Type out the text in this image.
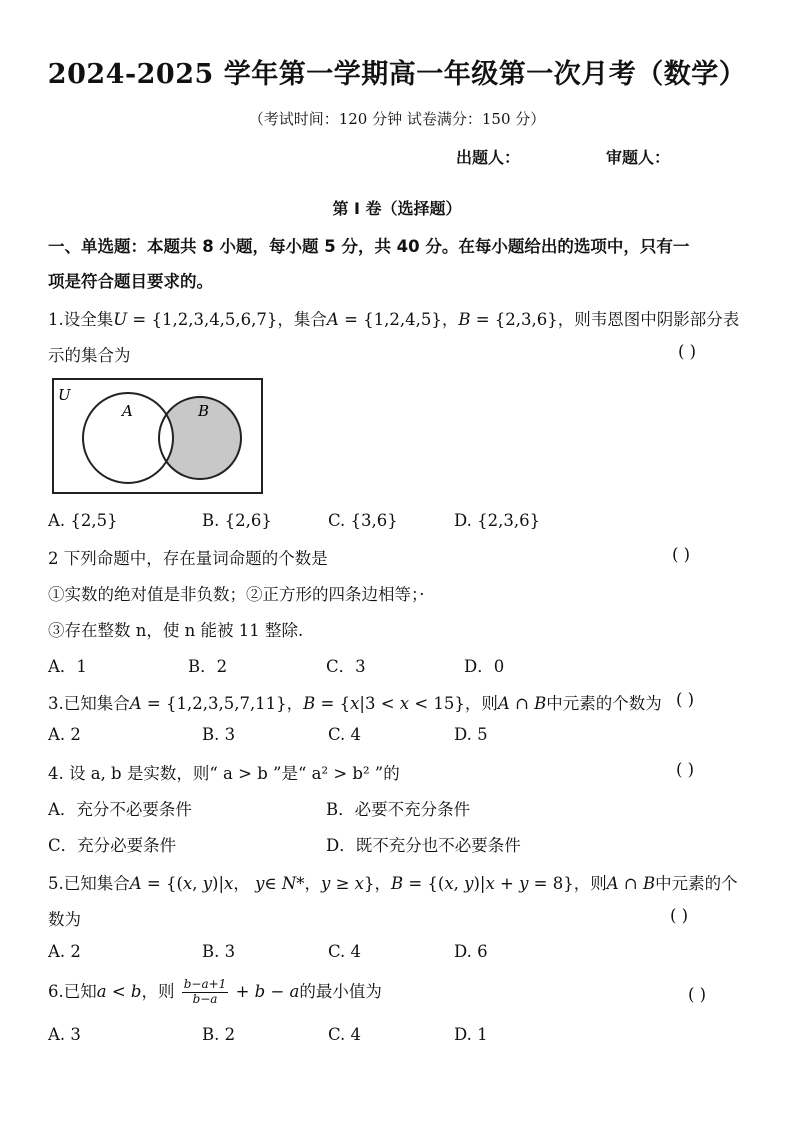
2024-2025 学年第一学期高一年级第一次月考（数学）
（考试时间：120 分钟 试卷满分：150 分）
出题人：	审题人：
第 I 卷（选择题）
一、单选题：本题共 8 小题，每小题 5 分，共 40 分。在每小题给出的选项中，只有一
项是符合题目要求的。
1.设全集𝑈 = {1,2,3,4,5,6,7}，集合𝐴 = {1,2,4,5}，𝐵 = {2,3,6}，则韦恩图中阴影部分表
示的集合为	( )
U
A	B
A. {2,5}	B. {2,6}	C. {3,6}	D. {2,3,6}
2 下列命题中，存在量词命题的个数是	( )
①实数的绝对值是非负数；②正方形的四条边相等；·
③存在整数 n，使 n 能被 11 整除.
A．1	B．2	C．3	D．0
3.已知集合𝐴 = {1,2,3,5,7,11}，𝐵 = {𝑥|3 < 𝑥 < 15}，则𝐴 ∩ 𝐵中元素的个数为 ( )
A. 2	B. 3	C. 4	D. 5
4. 设 a, b 是实数，则“ a > b ”是“ a² > b² ”的	( )
A．充分不必要条件	B．必要不充分条件
C．充分必要条件	D．既不充分也不必要条件
5.已知集合𝐴 = {(𝑥, 𝑦)|𝑥， 𝑦∈ 𝑁*，𝑦 ≥ 𝑥}，𝐵 = {(𝑥, 𝑦)|𝑥 + 𝑦 = 8}，则𝐴 ∩ 𝐵中元素的个
数为	( )
A. 2	B. 3	C. 4	D. 6
6.已知𝑎 < 𝑏，则 $\frac{b-a+1}{b-a}$ + 𝑏 − 𝑎的最小值为	( )
A. 3	B. 2	C. 4	D. 1
